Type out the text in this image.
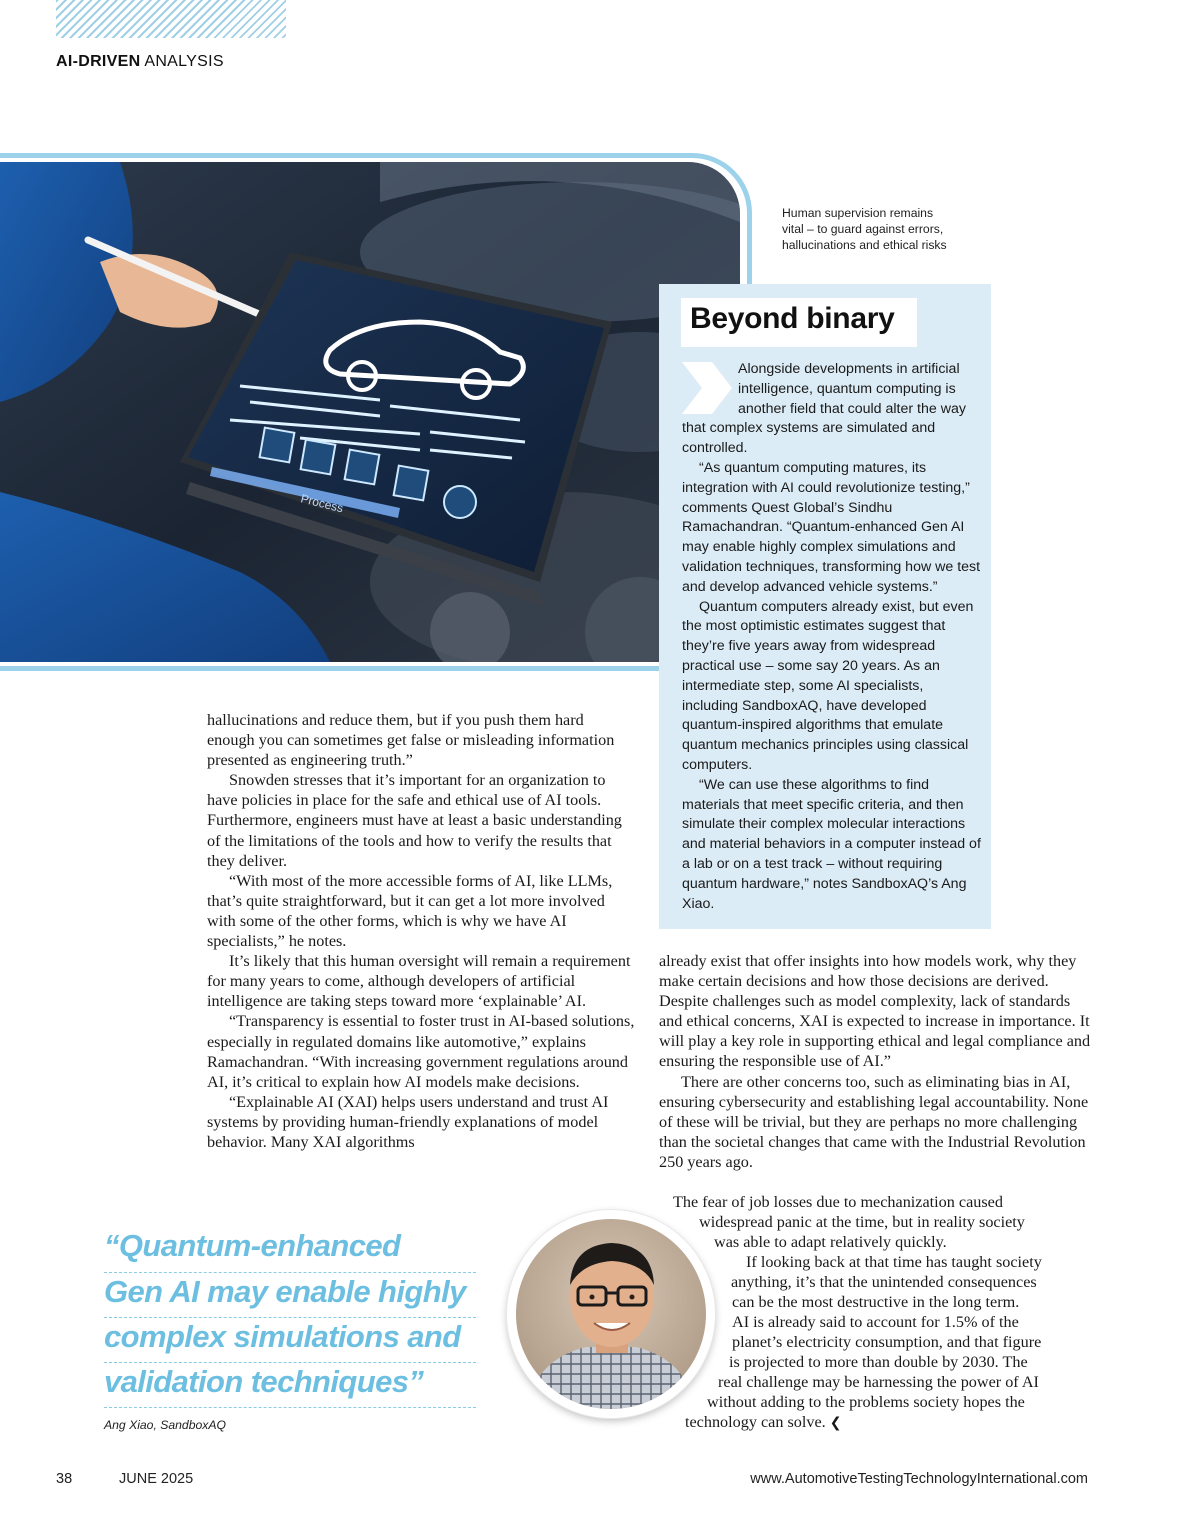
AI-DRIVEN ANALYSIS
Process
Human supervision remains vital – to guard against errors, hallucinations and ethical risks
Beyond binary

Alongside developments in artificial intelligence, quantum computing is another field that could alter the way that complex systems are simulated and controlled.

“As quantum computing matures, its integration with AI could revolutionize testing,” comments Quest Global’s Sindhu Ramachandran. “Quantum-enhanced Gen AI may enable highly complex simulations and validation techniques, transforming how we test and develop advanced vehicle systems.”

Quantum computers already exist, but even the most optimistic estimates suggest that they’re five years away from widespread practical use – some say 20 years. As an intermediate step, some AI specialists, including SandboxAQ, have developed quantum-inspired algorithms that emulate quantum mechanics principles using classical computers.

“We can use these algorithms to find materials that meet specific criteria, and then simulate their complex molecular interactions and material behaviors in a computer instead of a lab or on a test track – without requiring quantum hardware,” notes SandboxAQ’s Ang Xiao.

hallucinations and reduce them, but if you push them hard enough you can sometimes get false or misleading information presented as engineering truth.”

Snowden stresses that it’s important for an organization to have policies in place for the safe and ethical use of AI tools. Furthermore, engineers must have at least a basic understanding of the limitations of the tools and how to verify the results that they deliver.

“With most of the more accessible forms of AI, like LLMs, that’s quite straightforward, but it can get a lot more involved with some of the other forms, which is why we have AI specialists,” he notes.

It’s likely that this human oversight will remain a requirement for many years to come, although developers of artificial intelligence are taking steps toward more ‘explainable’ AI.

“Transparency is essential to foster trust in AI-based solutions, especially in regulated domains like automotive,” explains Ramachandran. “With increasing government regulations around AI, it’s critical to explain how AI models make decisions.

“Explainable AI (XAI) helps users understand and trust AI systems by providing human-friendly explanations of model behavior. Many XAI algorithms

already exist that offer insights into how models work, why they make certain decisions and how those decisions are derived. Despite challenges such as model complexity, lack of standards and ethical concerns, XAI is expected to increase in importance. It will play a key role in supporting ethical and legal compliance and ensuring the responsible use of AI.”

There are other concerns too, such as eliminating bias in AI, ensuring cybersecurity and establishing legal accountability. None of these will be trivial, but they are perhaps no more challenging than the societal changes that came with the Industrial Revolution 250 years ago.

The fear of job losses due to mechanization caused
widespread panic at the time, but in reality society
was able to adapt relatively quickly.
If looking back at that time has taught society
anything, it’s that the unintended consequences
can be the most destructive in the long term.
AI is already said to account for 1.5% of the
planet’s electricity consumption, and that figure
is projected to more than double by 2030. The
real challenge may be harnessing the power of AI
without adding to the problems society hopes the
technology can solve. ❮
“Quantum-enhanced
Gen AI may enable highly
complex simulations and
validation techniques”
Ang Xiao, SandboxAQ
38	JUNE 2025	www.AutomotiveTestingTechnologyInternational.com
